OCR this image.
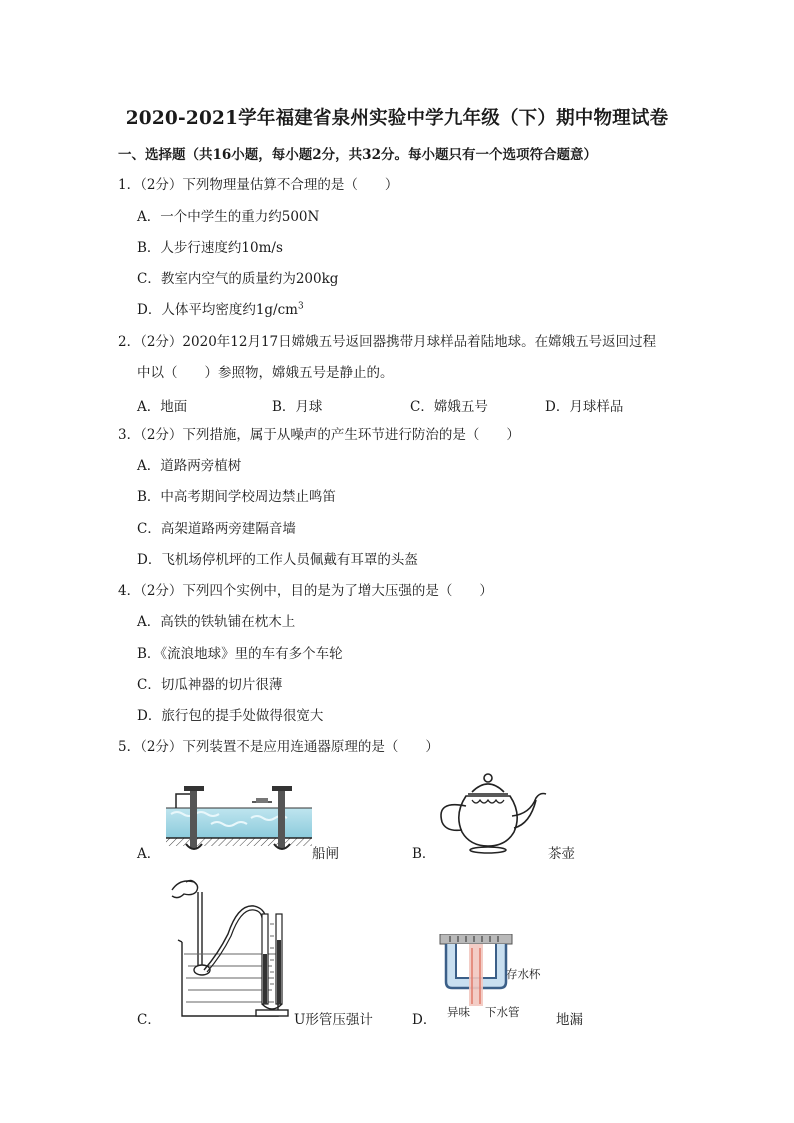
2020-2021学年福建省泉州实验中学九年级（下）期中物理试卷
一、选择题（共16小题，每小题2分，共32分。每小题只有一个选项符合题意）
1．（2分）下列物理量估算不合理的是（　　）
A．一个中学生的重力约500N
B．人步行速度约10m/s
C．教室内空气的质量约为200kg
D．人体平均密度约$1g/cm^3$
2．（2分）2020年12月17日嫦娥五号返回器携带月球样品着陆地球。在嫦娥五号返回过程
中以（　　）参照物，嫦娥五号是静止的。
A．地面	B．月球	C．嫦娥五号	D．月球样品
3．（2分）下列措施，属于从噪声的产生环节进行防治的是（　　）
A．道路两旁植树
B．中高考期间学校周边禁止鸣笛
C．高架道路两旁建隔音墙
D．飞机场停机坪的工作人员佩戴有耳罩的头盔
4．（2分）下列四个实例中，目的是为了增大压强的是（　　）
A．高铁的铁轨铺在枕木上
B．《流浪地球》里的车有多个车轮
C．切瓜神器的切片很薄
D．旅行包的提手处做得很宽大
5．（2分）下列装置不是应用连通器原理的是（　　）
A．	船闸	B．	茶壶
C．	U形管压强计	D．
存水杯
异味 下水管	地漏
